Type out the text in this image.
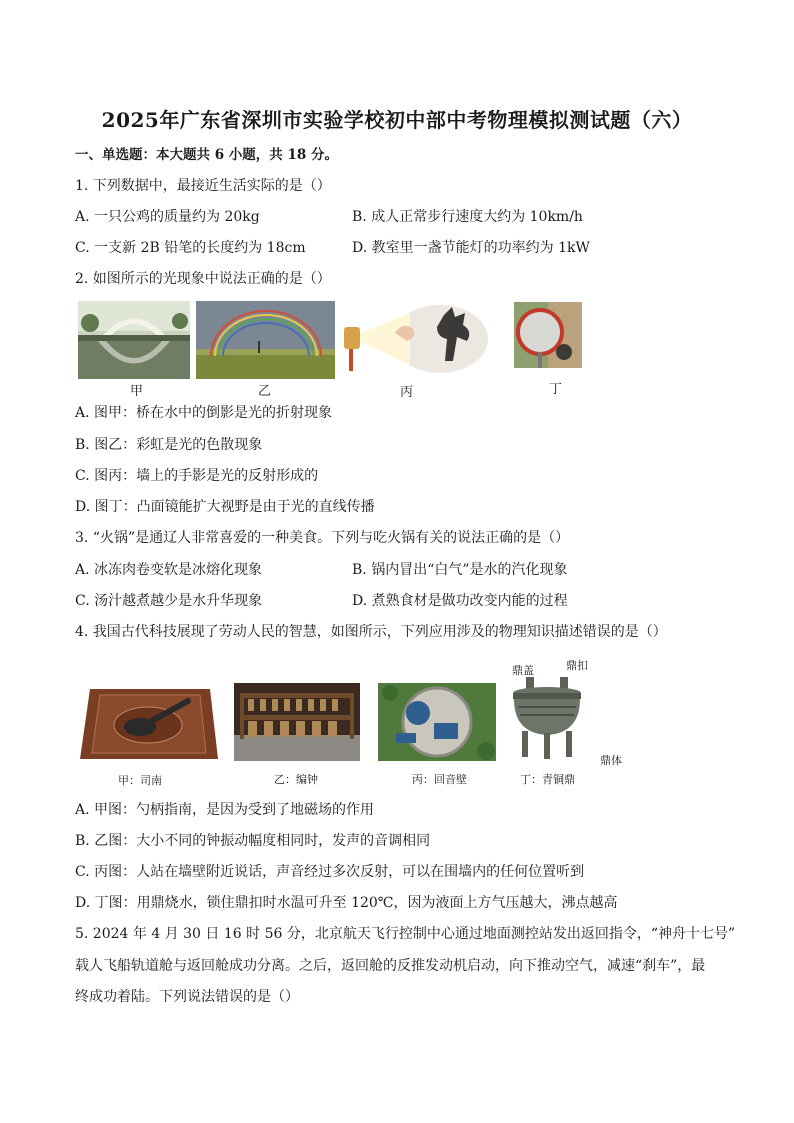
2025年广东省深圳市实验学校初中部中考物理模拟测试题（六）
一、单选题：本大题共 6 小题，共 18 分。
1. 下列数据中，最接近生活实际的是（）
A. 一只公鸡的质量约为 20kg	B. 成人正常步行速度大约为 10km/h
C. 一支新 2B 铅笔的长度约为 18cm	D. 教室里一盏节能灯的功率约为 1kW
2. 如图所示的光现象中说法正确的是（）
甲	乙	丙	丁
A. 图甲：桥在水中的倒影是光的折射现象
B. 图乙：彩虹是光的色散现象
C. 图丙：墙上的手影是光的反射形成的
D. 图丁：凸面镜能扩大视野是由于光的直线传播
3. “火锅”是通辽人非常喜爱的一种美食。下列与吃火锅有关的说法正确的是（）
A. 冰冻肉卷变软是冰熔化现象	B. 锅内冒出“白气”是水的汽化现象
C. 汤汁越煮越少是水升华现象	D. 煮熟食材是做功改变内能的过程
4. 我国古代科技展现了劳动人民的智慧，如图所示，下列应用涉及的物理知识描述错误的是（）
甲：司南	乙：编钟	丙：回音壁
鼎盖	鼎扣
鼎体
丁：青铜鼎
A. 甲图：勺柄指南，是因为受到了地磁场的作用
B. 乙图：大小不同的钟振动幅度相同时，发声的音调相同
C. 丙图：人站在墙壁附近说话，声音经过多次反射，可以在围墙内的任何位置听到
D. 丁图：用鼎烧水，锁住鼎扣时水温可升至 120℃，因为液面上方气压越大，沸点越高
5. 2024 年 4 月 30 日 16 时 56 分，北京航天飞行控制中心通过地面测控站发出返回指令，“神舟十七号”
载人飞船轨道舱与返回舱成功分离。之后，返回舱的反推发动机启动，向下推动空气，减速“刹车”，最
终成功着陆。下列说法错误的是（）
